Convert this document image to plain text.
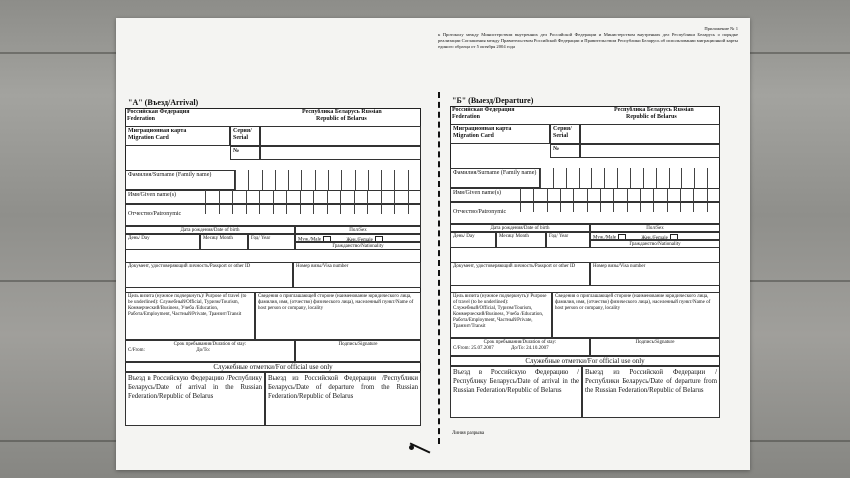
Приложение № 1
к Протоколу между Министерством внутренних дел Российской Федерации и Министерством внутренних дел Республики Беларусь о порядке реализации Соглашения между Правительством Российской Федерации и Правительством Республики Беларусь об использовании миграционной карты единого образца от 5 октября 2004 года
"A" (Въезд/Arrival)
Российская Федерация
Federation
Республика Беларусь Russian
Republic of Belarus
Миграционная карта
Migration Card
Серия/ Serial
№
Фамилия/Surname (Family name)
Имя/Given name(s)
Отчество/Patronymic
Дата рождения/Date of birth
День/ Day	Месяц/ Month	Год/ Year
Пол/Sex
Муж./Male	Жен./Female
Гражданство/Nationality
Документ, удостоверяющий личность/Passport or other ID	Номер визы/Visa number
Цель визита (нужное подчеркнуть)/ Purpose of travel (to be underlined): Служебный/Official, Туризм/Tourism, Коммерческий/Business, Учеба /Education, Работа/Employment, Частный/Private, Транзит/Transit
Сведения о приглашающей стороне (наименование юридического лица, фамилия, имя, (отчество) физического лица), населенный пункт/Name of host person or company, locality
Срок пребывания/Duration of stay:
С/From:	До/To:
Подпись/Signature
Служебные отметки/For official use only
Въезд в Российскую Федерацию /Республику Беларусь/Date of arrival in the Russian Federation/Republic of Belarus
Выезд из Российской Федерации /Республики Беларусь/Date of departure from the Russian Federation/Republic of Belarus
"Б" (Выезд/Departure)
Российская Федерация
Federation
Республика Беларусь Russian
Republic of Belarus
Миграционная карта
Migration Card
Серия/ Serial
№
Фамилия/Surname (Family name)
Имя/Given name(s)
Отчество/Patronymic
Дата рождения/Date of birth
День/ Day	Месяц/ Month	Год/ Year
Пол/Sex
Муж./Male	Жен./Female
Гражданство/Nationality
Документ, удостоверяющий личность/Passport or other ID	Номер визы/Visa number
Цель визита (нужное подчеркнуть)/ Purpose of travel (to be underlined): Служебный/Official, Туризм/Tourism, Коммерческий/Business, Учеба /Education, Работа/Employment, Частный/Private, Транзит/Transit
Сведения о приглашающей стороне (наименование юридического лица, фамилия, имя, (отчество) физического лица), населенный пункт/Name of host person or company, locality
Срок пребывания/Duration of stay:
С/From: 25.07.2007	До/To: 24.10.2007
Подпись/Signature
Служебные отметки/For official use only
Въезд в Российскую Федерацию /Республику Беларусь/Date of arrival in the Russian Federation/Republic of Belarus
Выезд из Российской Федерации /Республики Беларусь/Date of departure from the Russian Federation/Republic of Belarus
Линия разрыва
